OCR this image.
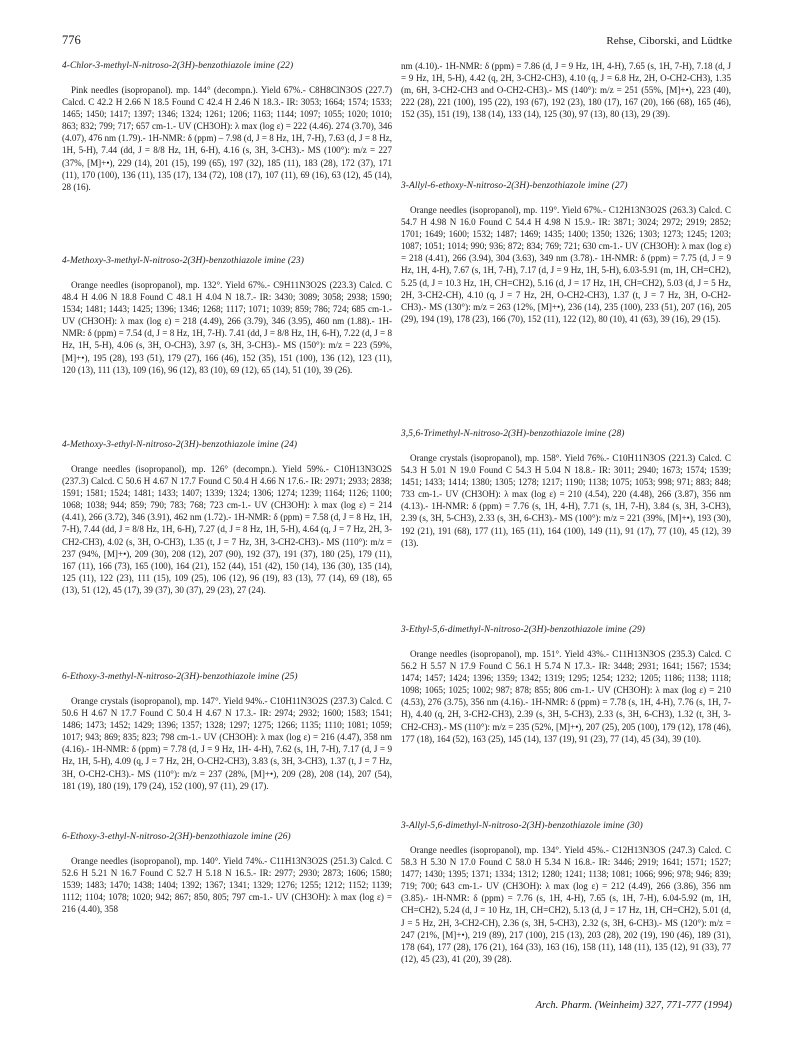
776	Rehse, Ciborski, and Lüdtke

4-Chlor-3-methyl-N-nitroso-2(3H)-benzothiazole imine (22)

Pink needles (isopropanol). mp. 144° (decompn.). Yield 67%.- C8H8ClN3OS (227.7) Calcd. C 42.2 H 2.66 N 18.5 Found C 42.4 H 2.46 N 18.3.- IR: 3053; 1664; 1574; 1533; 1465; 1450; 1417; 1397; 1346; 1324; 1261; 1206; 1163; 1144; 1097; 1055; 1020; 1010; 863; 832; 799; 717; 657 cm-1.- UV (CH3OH): λ max (log ε) = 222 (4.46). 274 (3.70), 346 (4.07), 476 nm (1.79).- 1H-NMR: δ (ppm) – 7.98 (d, J = 8 Hz, 1H, 7-H), 7.63 (d, J = 8 Hz, 1H, 5-H), 7.44 (dd, J = 8/8 Hz, 1H, 6-H), 4.16 (s, 3H, 3-CH3).- MS (100°): m/z = 227 (37%, [M]+•), 229 (14), 201 (15), 199 (65), 197 (32), 185 (11), 183 (28), 172 (37), 171 (11), 170 (100), 136 (11), 135 (17), 134 (72), 108 (17), 107 (11), 69 (16), 63 (12), 45 (14), 28 (16).

4-Methoxy-3-methyl-N-nitroso-2(3H)-benzothiazole imine (23)

Orange needles (isopropanol), mp. 132°. Yield 67%.- C9H11N3O2S (223.3) Calcd. C 48.4 H 4.06 N 18.8 Found C 48.1 H 4.04 N 18.7.- IR: 3430; 3089; 3058; 2938; 1590; 1534; 1481; 1443; 1425; 1396; 1346; 1268; 1117; 1071; 1039; 859; 786; 724; 685 cm-1.- UV (CH3OH): λ max (log ε) = 218 (4.49), 266 (3.79), 346 (3.95), 460 nm (1.88).- 1H-NMR: δ (ppm) = 7.54 (d, J = 8 Hz, 1H, 7-H). 7.41 (dd, J = 8/8 Hz, 1H, 6-H), 7.22 (d, J = 8 Hz, 1H, 5-H), 4.06 (s, 3H, O-CH3), 3.97 (s, 3H, 3-CH3).- MS (150°): m/z = 223 (59%, [M]+•), 195 (28), 193 (51), 179 (27), 166 (46), 152 (35), 151 (100), 136 (12), 123 (11), 120 (13), 111 (13), 109 (16), 96 (12), 83 (10), 69 (12), 65 (14), 51 (10), 39 (26).

4-Methoxy-3-ethyl-N-nitroso-2(3H)-benzothiazole imine (24)

Orange needles (isopropanol), mp. 126° (decompn.). Yield 59%.- C10H13N3O2S (237.3) Calcd. C 50.6 H 4.67 N 17.7 Found C 50.4 H 4.66 N 17.6.- IR: 2971; 2933; 2838; 1591; 1581; 1524; 1481; 1433; 1407; 1339; 1324; 1306; 1274; 1239; 1164; 1126; 1100; 1068; 1038; 944; 859; 790; 783; 768; 723 cm-1.- UV (CH3OH): λ max (log ε) = 214 (4.41), 266 (3.72), 346 (3.91), 462 nm (1.72).- 1H-NMR: δ (ppm) = 7.58 (d, J = 8 Hz, 1H, 7-H), 7.44 (dd, J = 8/8 Hz, 1H, 6-H), 7.27 (d, J = 8 Hz, 1H, 5-H), 4.64 (q, J = 7 Hz, 2H, 3-CH2-CH3), 4.02 (s, 3H, O-CH3), 1.35 (t, J = 7 Hz, 3H, 3-CH2-CH3).- MS (110°): m/z = 237 (94%, [M]+•), 209 (30), 208 (12), 207 (90), 192 (37), 191 (37), 180 (25), 179 (11), 167 (11), 166 (73), 165 (100), 164 (21), 152 (44), 151 (42), 150 (14), 136 (30), 135 (14), 125 (11), 122 (23), 111 (15), 109 (25), 106 (12), 96 (19), 83 (13), 77 (14), 69 (18), 65 (13), 51 (12), 45 (17), 39 (37), 30 (37), 29 (23), 27 (24).

6-Ethoxy-3-methyl-N-nitroso-2(3H)-benzothiazole imine (25)

Orange crystals (isopropanol), mp. 147°. Yield 94%.- C10H11N3O2S (237.3) Calcd. C 50.6 H 4.67 N 17.7 Found C 50.4 H 4.67 N 17.3.- IR: 2974; 2932; 1600; 1583; 1541; 1486; 1473; 1452; 1429; 1396; 1357; 1328; 1297; 1275; 1266; 1135; 1110; 1081; 1059; 1017; 943; 869; 835; 823; 798 cm-1.- UV (CH3OH): λ max (log ε) = 216 (4.47), 358 nm (4.16).- 1H-NMR: δ (ppm) = 7.78 (d, J = 9 Hz, 1H- 4-H), 7.62 (s, 1H, 7-H), 7.17 (d, J = 9 Hz, 1H, 5-H), 4.09 (q, J = 7 Hz, 2H, O-CH2-CH3), 3.83 (s, 3H, 3-CH3), 1.37 (t, J = 7 Hz, 3H, O-CH2-CH3).- MS (110°): m/z = 237 (28%, [M]+•), 209 (28), 208 (14), 207 (54), 181 (19), 180 (19), 179 (24), 152 (100), 97 (11), 29 (17).

6-Ethoxy-3-ethyl-N-nitroso-2(3H)-benzothiazole imine (26)

Orange needles (isopropanol), mp. 140°. Yield 74%.- C11H13N3O2S (251.3) Calcd. C 52.6 H 5.21 N 16.7 Found C 52.7 H 5.18 N 16.5.- IR: 2977; 2930; 2873; 1606; 1580; 1539; 1483; 1470; 1438; 1404; 1392; 1367; 1341; 1329; 1276; 1255; 1212; 1152; 1139; 1112; 1104; 1078; 1020; 942; 867; 850, 805; 797 cm-1.- UV (CH3OH): λ max (log ε) = 216 (4.40), 358

nm (4.10).- 1H-NMR: δ (ppm) = 7.86 (d, J = 9 Hz, 1H, 4-H), 7.65 (s, 1H, 7-H), 7.18 (d, J = 9 Hz, 1H, 5-H), 4.42 (q, 2H, 3-CH2-CH3), 4.10 (q, J = 6.8 Hz, 2H, O-CH2-CH3), 1.35 (m, 6H, 3-CH2-CH3 and O-CH2-CH3).- MS (140°): m/z = 251 (55%, [M]+•), 223 (40), 222 (28), 221 (100), 195 (22), 193 (67), 192 (23), 180 (17), 167 (20), 166 (68), 165 (46), 152 (35), 151 (19), 138 (14), 133 (14), 125 (30), 97 (13), 80 (13), 29 (39).

3-Allyl-6-ethoxy-N-nitroso-2(3H)-benzothiazole imine (27)

Orange needles (isopropanol), mp. 119°. Yield 67%.- C12H13N3O2S (263.3) Calcd. C 54.7 H 4.98 N 16.0 Found C 54.4 H 4.98 N 15.9.- IR: 3871; 3024; 2972; 2919; 2852; 1701; 1649; 1600; 1532; 1487; 1469; 1435; 1400; 1350; 1326; 1303; 1273; 1245; 1203; 1087; 1051; 1014; 990; 936; 872; 834; 769; 721; 630 cm-1.- UV (CH3OH): λ max (log ε) = 218 (4.41), 266 (3.94), 304 (3.63), 349 nm (3.78).- 1H-NMR: δ (ppm) = 7.75 (d, J = 9 Hz, 1H, 4-H), 7.67 (s, 1H, 7-H), 7.17 (d, J = 9 Hz, 1H, 5-H), 6.03-5.91 (m, 1H, CH=CH2), 5.25 (d, J = 10.3 Hz, 1H, CH=CH2), 5.16 (d, J = 17 Hz, 1H, CH=CH2), 5.03 (d, J = 5 Hz, 2H, 3-CH2-CH), 4.10 (q, J = 7 Hz, 2H, O-CH2-CH3), 1.37 (t, J = 7 Hz, 3H, O-CH2-CH3).- MS (130°): m/z = 263 (12%, [M]+•), 236 (14), 235 (100), 233 (51), 207 (16), 205 (29), 194 (19), 178 (23), 166 (70), 152 (11), 122 (12), 80 (10), 41 (63), 39 (16), 29 (15).

3,5,6-Trimethyl-N-nitroso-2(3H)-benzothiazole imine (28)

Orange crystals (isopropanol), mp. 158°. Yield 76%.- C10H11N3OS (221.3) Calcd. C 54.3 H 5.01 N 19.0 Found C 54.3 H 5.04 N 18.8.- IR: 3011; 2940; 1673; 1574; 1539; 1451; 1433; 1414; 1380; 1305; 1278; 1217; 1190; 1138; 1075; 1053; 998; 971; 883; 848; 733 cm-1.- UV (CH3OH): λ max (log ε) = 210 (4.54), 220 (4.48), 266 (3.87), 356 nm (4.13).- 1H-NMR: δ (ppm) = 7.76 (s, 1H, 4-H), 7.71 (s, 1H, 7-H), 3.84 (s, 3H, 3-CH3), 2.39 (s, 3H, 5-CH3), 2.33 (s, 3H, 6-CH3).- MS (100°): m/z = 221 (39%, [M]+•), 193 (30), 192 (21), 191 (68), 177 (11), 165 (11), 164 (100), 149 (11), 91 (17), 77 (10), 45 (12), 39 (13).

3-Ethyl-5,6-dimethyl-N-nitroso-2(3H)-benzothiazole imine (29)

Orange needles (isopropanol), mp. 151°. Yield 43%.- C11H13N3OS (235.3) Calcd. C 56.2 H 5.57 N 17.9 Found C 56.1 H 5.74 N 17.3.- IR: 3448; 2931; 1641; 1567; 1534; 1474; 1457; 1424; 1396; 1359; 1342; 1319; 1295; 1254; 1232; 1205; 1186; 1138; 1118; 1098; 1065; 1025; 1002; 987; 878; 855; 806 cm-1.- UV (CH3OH): λ max (log ε) = 210 (4.53), 276 (3.75), 356 nm (4.16).- 1H-NMR: δ (ppm) = 7.78 (s, 1H, 4-H), 7.76 (s, 1H, 7-H), 4.40 (q, 2H, 3-CH2-CH3), 2.39 (s, 3H, 5-CH3), 2.33 (s, 3H, 6-CH3), 1.32 (t, 3H, 3-CH2-CH3).- MS (110°): m/z = 235 (52%, [M]+•), 207 (25), 205 (100), 179 (12), 178 (46), 177 (18), 164 (52), 163 (25), 145 (14), 137 (19), 91 (23), 77 (14), 45 (34), 39 (10).

3-Allyl-5,6-dimethyl-N-nitroso-2(3H)-benzothiazole imine (30)

Orange needles (isopropanol), mp. 134°. Yield 45%.- C12H13N3OS (247.3) Calcd. C 58.3 H 5.30 N 17.0 Found C 58.0 H 5.34 N 16.8.- IR: 3446; 2919; 1641; 1571; 1527; 1477; 1430; 1395; 1371; 1334; 1312; 1280; 1241; 1138; 1081; 1066; 996; 978; 946; 839; 719; 700; 643 cm-1.- UV (CH3OH): λ max (log ε) = 212 (4.49), 266 (3.86), 356 nm (3.85).- 1H-NMR: δ (ppm) = 7.76 (s, 1H, 4-H), 7.65 (s, 1H, 7-H), 6.04-5.92 (m, 1H, CH=CH2), 5.24 (d, J = 10 Hz, 1H, CH=CH2), 5.13 (d, J = 17 Hz, 1H, CH=CH2), 5.01 (d, J = 5 Hz, 2H, 3-CH2-CH), 2.36 (s, 3H, 5-CH3), 2.32 (s, 3H, 6-CH3).- MS (120°): m/z = 247 (21%, [M]+•), 219 (89), 217 (100), 215 (13), 203 (28), 202 (19), 190 (46), 189 (31), 178 (64), 177 (28), 176 (21), 164 (33), 163 (16), 158 (11), 148 (11), 135 (12), 91 (33), 77 (12), 45 (23), 41 (20), 39 (28).

Arch. Pharm. (Weinheim) 327, 771-777 (1994)
